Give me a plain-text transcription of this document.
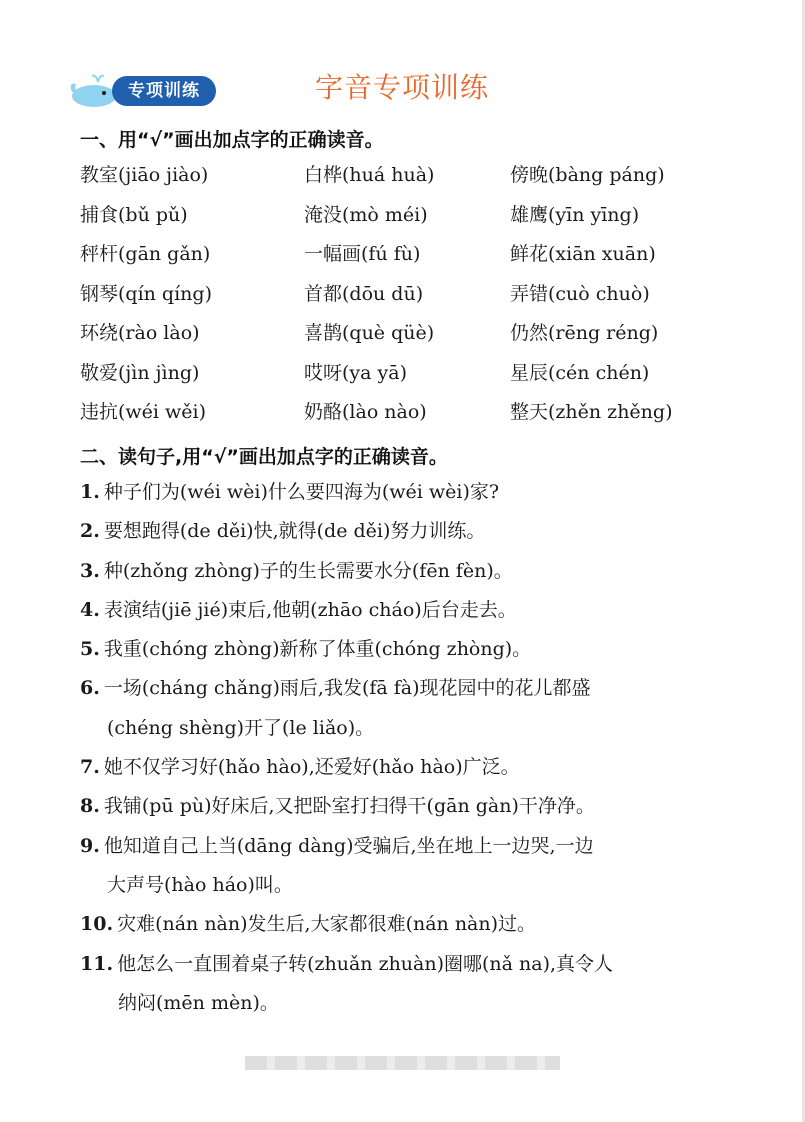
专项训练	字音专项训练
一、用“√”画出加点字的正确读音。
教室(jiāo jiào)	白桦(huá huà)	傍晚(bàng páng)
捕食(bǔ pǔ)	淹没(mò méi)	雄鹰(yīn yīng)
秤杆(gān gǎn)	一幅画(fú fù)	鲜花(xiān xuān)
钢琴(qín qíng)	首都(dōu dū)	弄错(cuò chuò)
环绕(rào lào)	喜鹊(què qüè)	仍然(rēng réng)
敬爱(jìn jìng)	哎呀(ya yā)	星辰(cén chén)
违抗(wéi wěi)	奶酪(lào nào)	整天(zhěn zhěng)
二、读句子,用“√”画出加点字的正确读音。
1. 种子们为(wéi wèi)什么要四海为(wéi wèi)家?
2. 要想跑得(de děi)快,就得(de děi)努力训练。
3. 种(zhǒng zhòng)子的生长需要水分(fēn fèn)。
4. 表演结(jiē jié)束后,他朝(zhāo cháo)后台走去。
5. 我重(chóng zhòng)新称了体重(chóng zhòng)。
6. 一场(cháng chǎng)雨后,我发(fā fà)现花园中的花儿都盛
(chéng shèng)开了(le liǎo)。
7. 她不仅学习好(hǎo hào),还爱好(hǎo hào)广泛。
8. 我铺(pū pù)好床后,又把卧室打扫得干(gān gàn)干净净。
9. 他知道自己上当(dāng dàng)受骗后,坐在地上一边哭,一边
大声号(hào háo)叫。
10. 灾难(nán nàn)发生后,大家都很难(nán nàn)过。
11. 他怎么一直围着桌子转(zhuǎn zhuàn)圈哪(nǎ na),真令人
纳闷(mēn mèn)。
